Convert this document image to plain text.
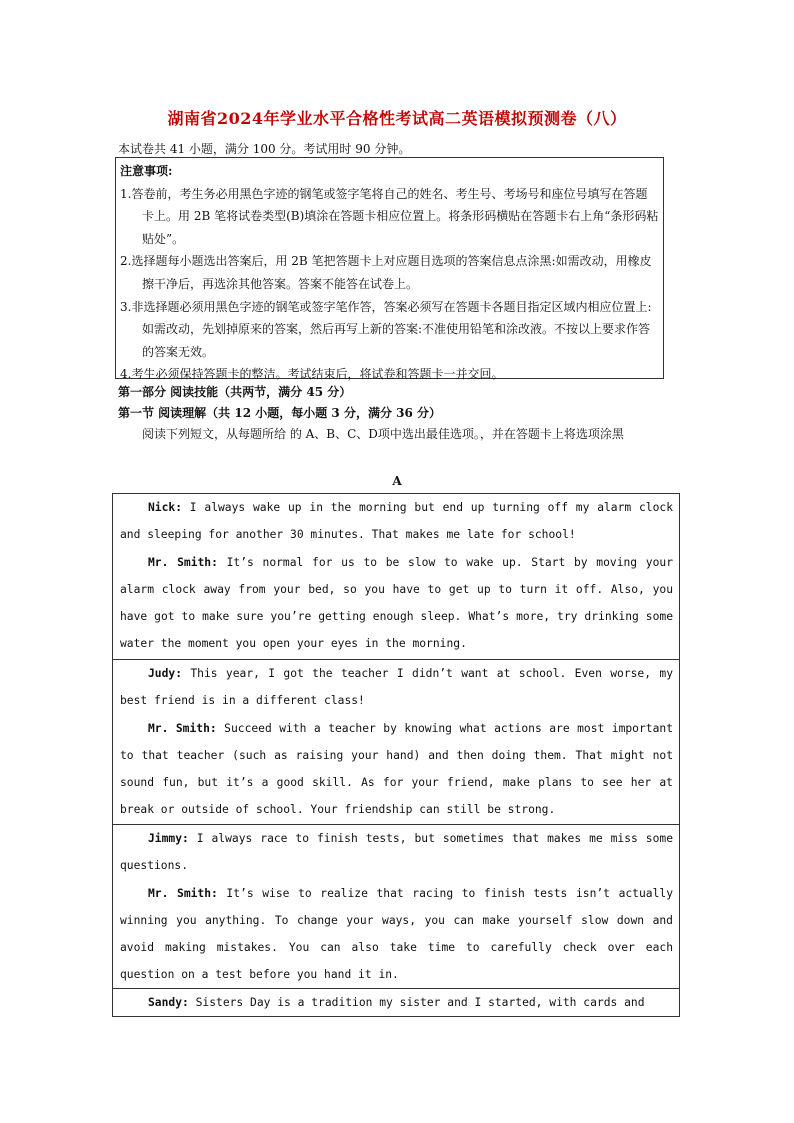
湖南省2024年学业水平合格性考试高二英语模拟预测卷（八）
本试卷共 41 小题，满分 100 分。考试用时 90 分钟。
注意事项:
1.答卷前，考生务必用黑色字迹的钢笔或签字笔将自己的姓名、考生号、考场号和座位号填写在答题卡上。用 2B 笔将试卷类型(B)填涂在答题卡相应位置上。将条形码横贴在答题卡右上角“条形码粘贴处”。
2.选择题每小题选出答案后，用 2B 笔把答题卡上对应题目选项的答案信息点涂黑:如需改动，用橡皮擦干净后，再选涂其他答案。答案不能答在试卷上。
3.非选择题必须用黑色字迹的钢笔或签字笔作答，答案必须写在答题卡各题目指定区域内相应位置上:如需改动，先划掉原来的答案，然后再写上新的答案:不准使用铅笔和涂改液。不按以上要求作答的答案无效。
4.考生必须保持答题卡的整洁。考试结束后，将试卷和答题卡一并交回。
第一部分 阅读技能（共两节，满分 45 分）
第一节 阅读理解（共 12 小题，每小题 3 分，满分 36 分）
阅读下列短文，从每题所给 的 A、B、C、D项中选出最佳选项。，并在答题卡上将选项涂黑
A

Nick: I always wake up in the morning but end up turning off my alarm clock and sleeping for another 30 minutes. That makes me late for school!

Mr. Smith: It’s normal for us to be slow to wake up. Start by moving your alarm clock away from your bed, so you have to get up to turn it off. Also, you have got to make sure you’re getting enough sleep. What’s more, try drinking some water the moment you open your eyes in the morning.

Judy: This year, I got the teacher I didn’t want at school. Even worse, my best friend is in a different class!

Mr. Smith: Succeed with a teacher by knowing what actions are most important to that teacher (such as raising your hand) and then doing them. That might not sound fun, but it’s a good skill. As for your friend, make plans to see her at break or outside of school. Your friendship can still be strong.

Jimmy: I always race to finish tests, but sometimes that makes me miss some questions.

Mr. Smith: It’s wise to realize that racing to finish tests isn’t actually winning you anything. To change your ways, you can make yourself slow down and avoid making mistakes. You can also take time to carefully check over each question on a test before you hand it in.

Sandy: Sisters Day is a tradition my sister and I started, with cards and
